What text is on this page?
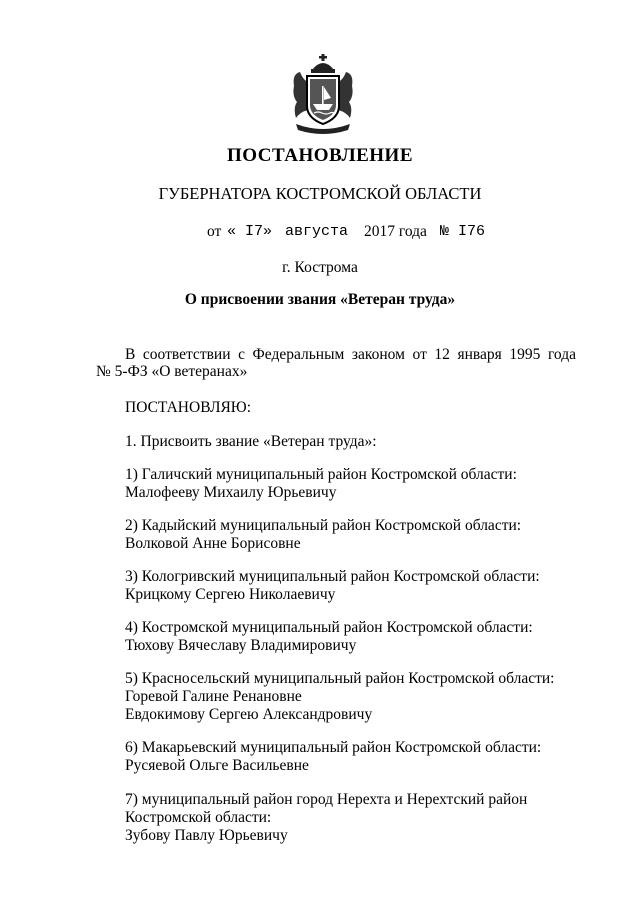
ПОСТАНОВЛЕНИЕ
ГУБЕРНАТОРА КОСТРОМСКОЙ ОБЛАСТИ
от « I7» августа 2017 года № I76
г. Кострома
О присвоении звания «Ветеран труда»
В соответствии с Федеральным законом от 12 января 1995 года
№ 5-ФЗ «О ветеранах»
ПОСТАНОВЛЯЮ:
1. Присвоить звание «Ветеран труда»:
1) Галичский муниципальный район Костромской области:
Малофееву Михаилу Юрьевичу
2) Кадыйский муниципальный район Костромской области:
Волковой Анне Борисовне
3) Кологривский муниципальный район Костромской области:
Крицкому Сергею Николаевичу
4) Костромской муниципальный район Костромской области:
Тюхову Вячеславу Владимировичу
5) Красносельский муниципальный район Костромской области:
Горевой Галине Ренановне
Евдокимову Сергею Александровичу
6) Макарьевский муниципальный район Костромской области:
Русяевой Ольге Васильевне
7) муниципальный район город Нерехта и Нерехтский район
Костромской области:
Зубову Павлу Юрьевичу
